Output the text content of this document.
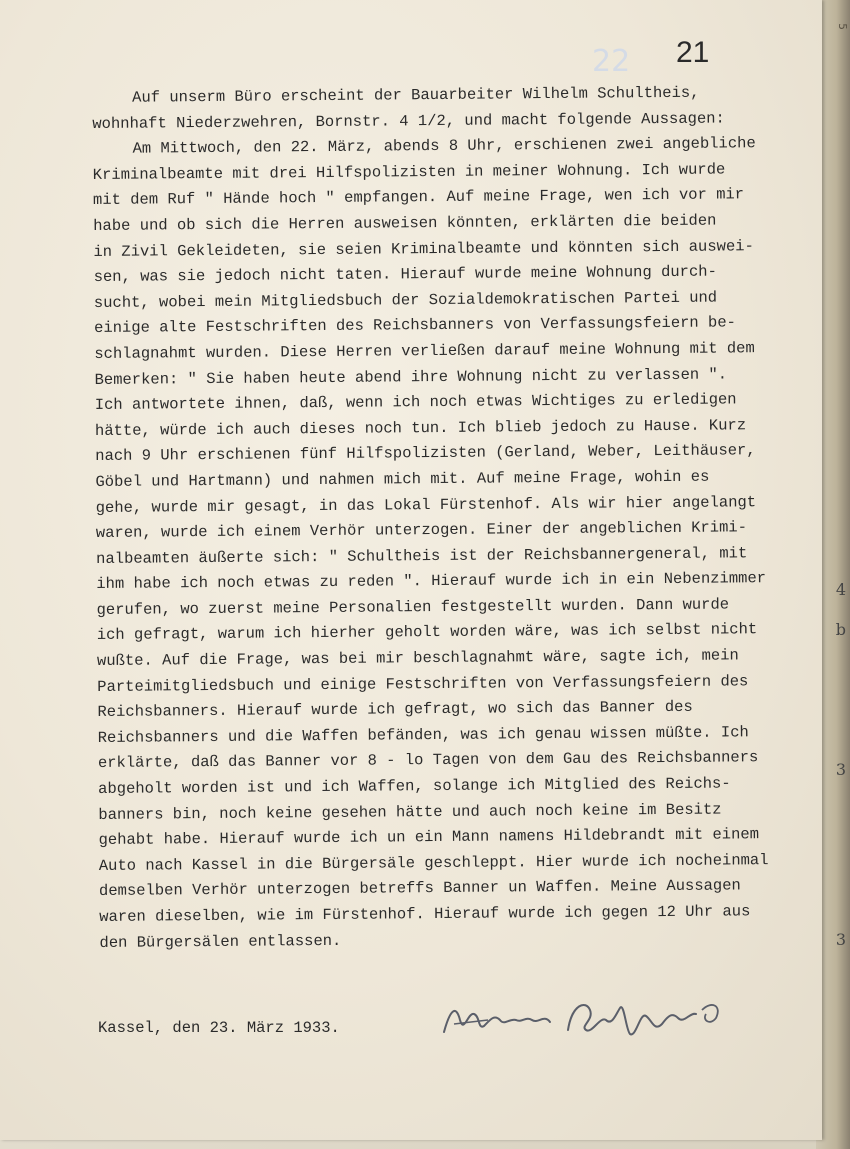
5
4
b
3
3
22 21
Auf unserm Büro erscheint der Bauarbeiter Wilhelm Schultheis,
wohnhaft Niederzwehren, Bornstr. 4 1/2, und macht folgende Aussagen:
Am Mittwoch, den 22. März, abends 8 Uhr, erschienen zwei angebliche
Kriminalbeamte mit drei Hilfspolizisten in meiner Wohnung. Ich wurde
mit dem Ruf " Hände hoch " empfangen. Auf meine Frage, wen ich vor mir
habe und ob sich die Herren ausweisen könnten, erklärten die beiden
in Zivil Gekleideten, sie seien Kriminalbeamte und könnten sich auswei-
sen, was sie jedoch nicht taten. Hierauf wurde meine Wohnung durch-
sucht, wobei mein Mitgliedsbuch der Sozialdemokratischen Partei und
einige alte Festschriften des Reichsbanners von Verfassungsfeiern be-
schlagnahmt wurden. Diese Herren verließen darauf meine Wohnung mit dem
Bemerken: " Sie haben heute abend ihre Wohnung nicht zu verlassen ".
Ich antwortete ihnen, daß, wenn ich noch etwas Wichtiges zu erledigen
hätte, würde ich auch dieses noch tun. Ich blieb jedoch zu Hause. Kurz
nach 9 Uhr erschienen fünf Hilfspolizisten (Gerland, Weber, Leithäuser,
Göbel und Hartmann) und nahmen mich mit. Auf meine Frage, wohin es
gehe, wurde mir gesagt, in das Lokal Fürstenhof. Als wir hier angelangt
waren, wurde ich einem Verhör unterzogen. Einer der angeblichen Krimi-
nalbeamten äußerte sich: " Schultheis ist der Reichsbannergeneral, mit
ihm habe ich noch etwas zu reden ". Hierauf wurde ich in ein Nebenzimmer
gerufen, wo zuerst meine Personalien festgestellt wurden. Dann wurde
ich gefragt, warum ich hierher geholt worden wäre, was ich selbst nicht
wußte. Auf die Frage, was bei mir beschlagnahmt wäre, sagte ich, mein
Parteimitgliedsbuch und einige Festschriften von Verfassungsfeiern des
Reichsbanners. Hierauf wurde ich gefragt, wo sich das Banner des
Reichsbanners und die Waffen befänden, was ich genau wissen müßte. Ich
erklärte, daß das Banner vor 8 - lo Tagen von dem Gau des Reichsbanners
abgeholt worden ist und ich Waffen, solange ich Mitglied des Reichs-
banners bin, noch keine gesehen hätte und auch noch keine im Besitz
gehabt habe. Hierauf wurde ich un ein Mann namens Hildebrandt mit einem
Auto nach Kassel in die Bürgersäle geschleppt. Hier wurde ich nocheinmal
demselben Verhör unterzogen betreffs Banner un Waffen. Meine Aussagen
waren dieselben, wie im Fürstenhof. Hierauf wurde ich gegen 12 Uhr aus
den Bürgersälen entlassen.
Kassel, den 23. März 1933.
